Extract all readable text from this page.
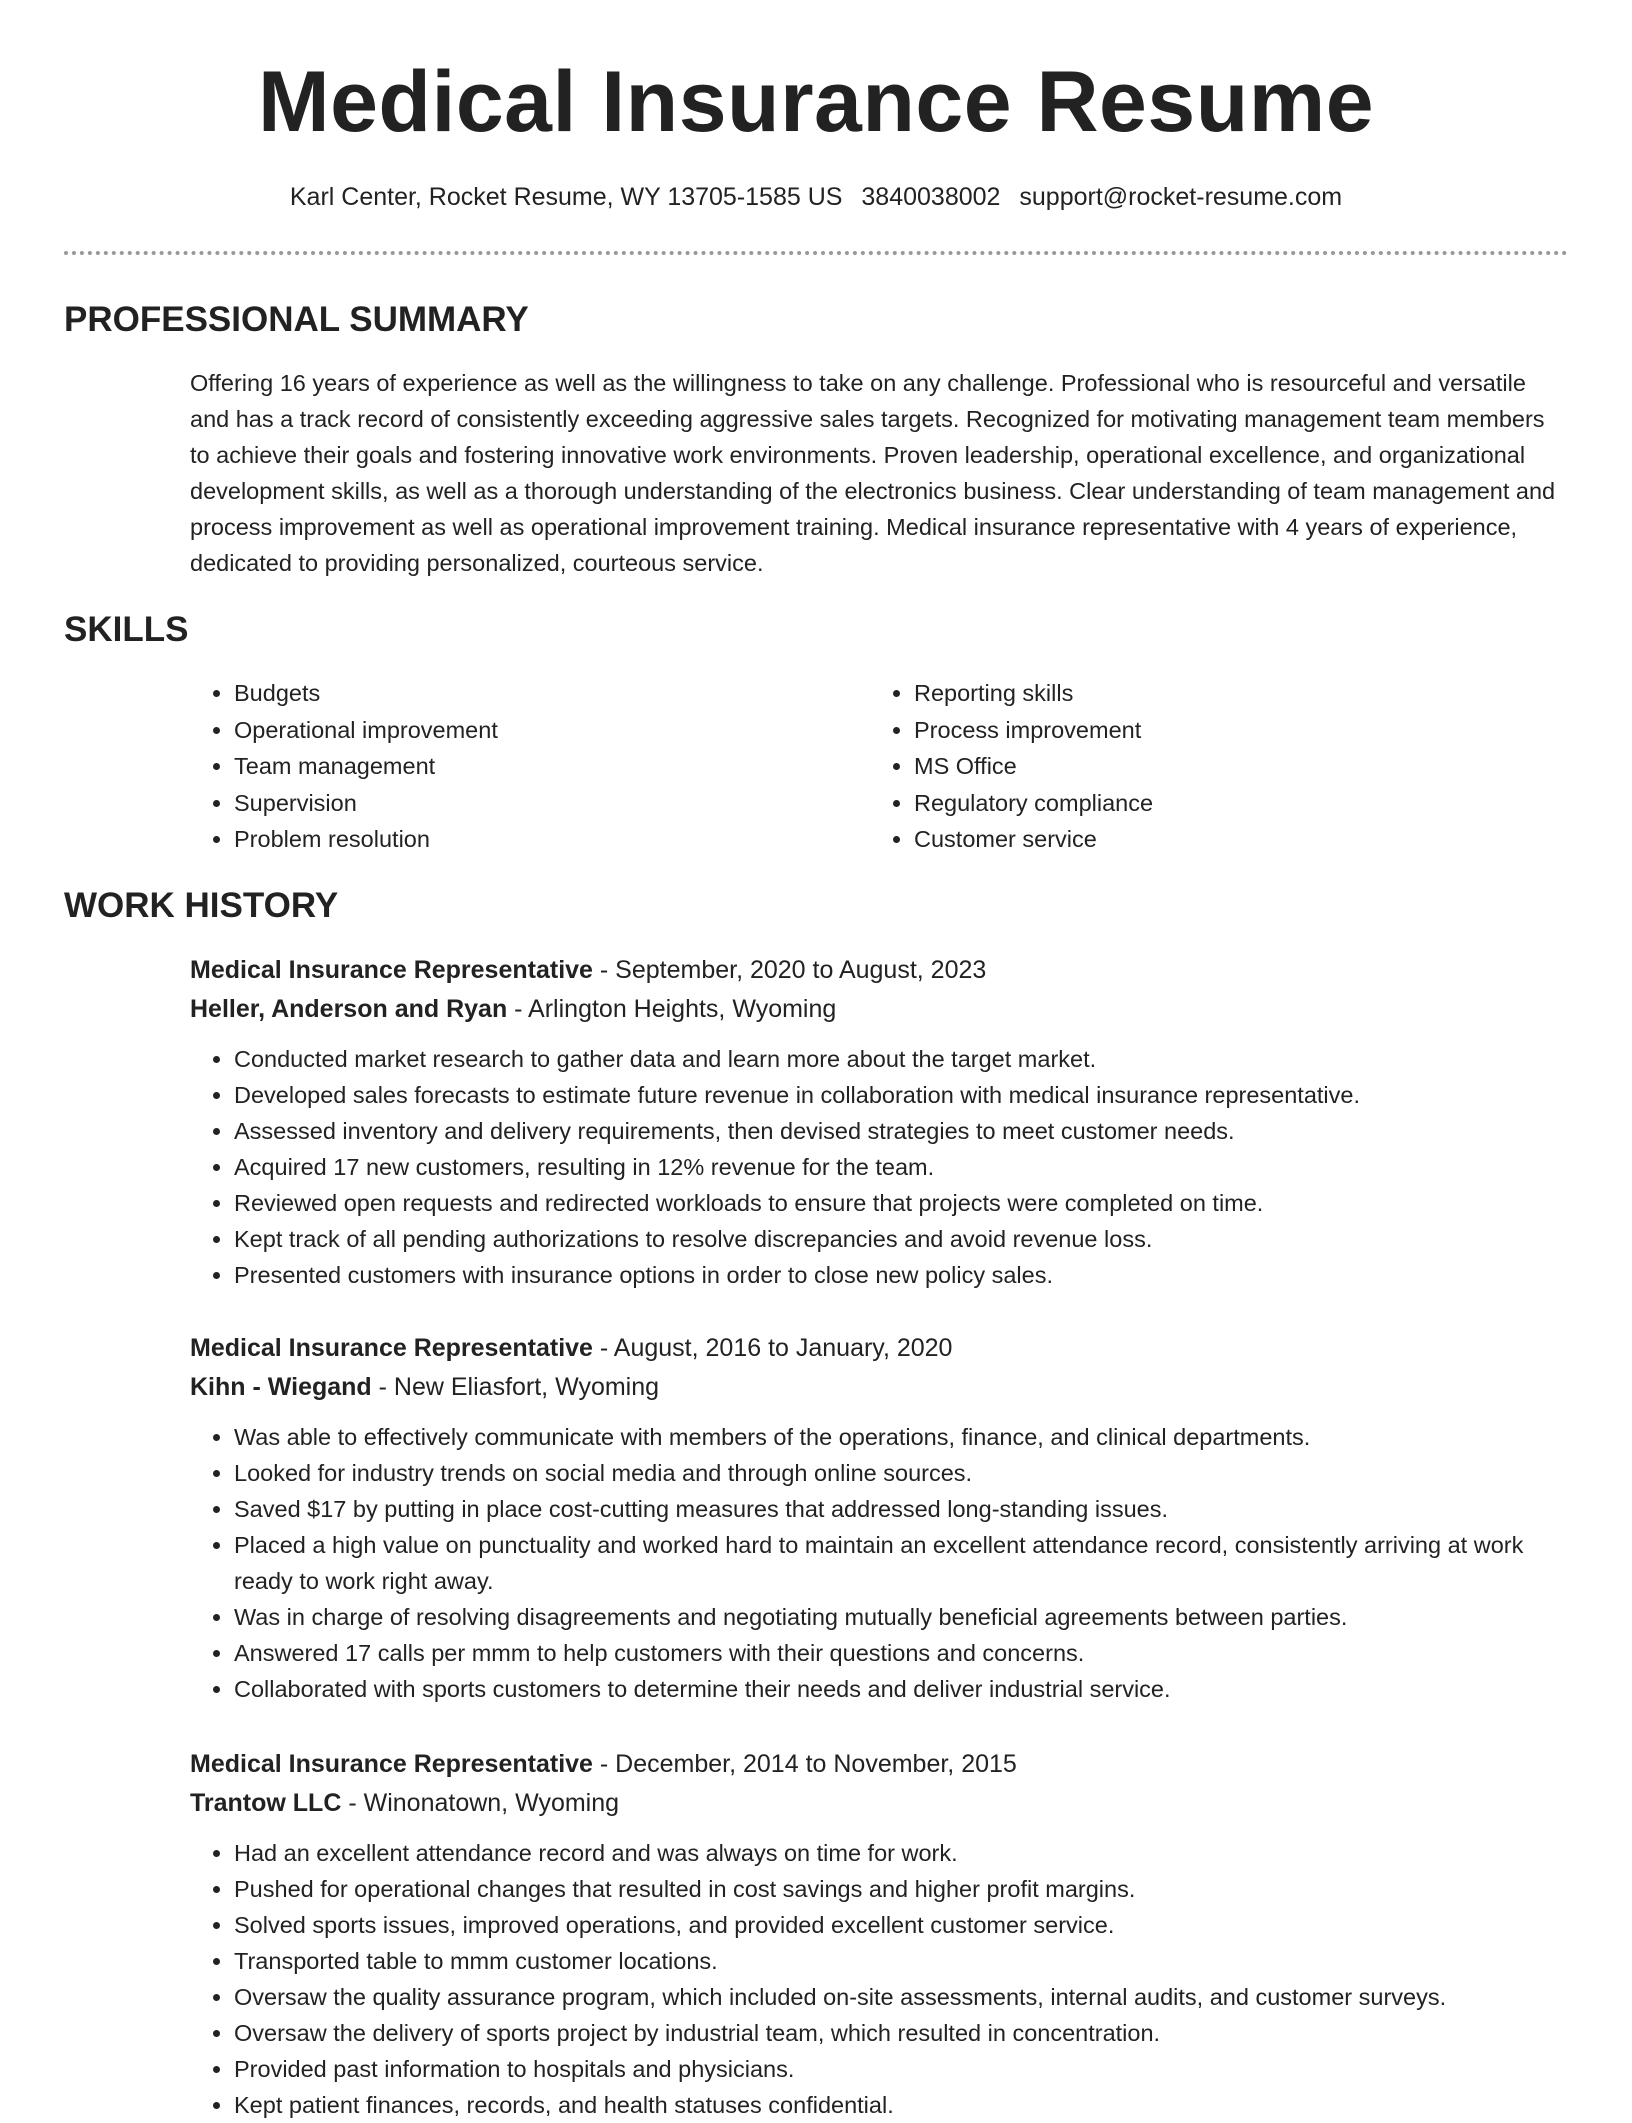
Medical Insurance Resume
Karl Center, Rocket Resume, WY 13705-1585 US 3840038002 support@rocket-resume.com
PROFESSIONAL SUMMARY
Offering 16 years of experience as well as the willingness to take on any challenge. Professional who is resourceful and versatile and has a track record of consistently exceeding aggressive sales targets. Recognized for motivating management team members to achieve their goals and fostering innovative work environments. Proven leadership, operational excellence, and organizational development skills, as well as a thorough understanding of the electronics business. Clear understanding of team management and process improvement as well as operational improvement training. Medical insurance representative with 4 years of experience, dedicated to providing personalized, courteous service.
SKILLS
• Budgets
• Operational improvement
• Team management
• Supervision
• Problem resolution
• Reporting skills
• Process improvement
• MS Office
• Regulatory compliance
• Customer service
WORK HISTORY
Medical Insurance Representative - September, 2020 to August, 2023
Heller, Anderson and Ryan - Arlington Heights, Wyoming
• Conducted market research to gather data and learn more about the target market.
• Developed sales forecasts to estimate future revenue in collaboration with medical insurance representative.
• Assessed inventory and delivery requirements, then devised strategies to meet customer needs.
• Acquired 17 new customers, resulting in 12% revenue for the team.
• Reviewed open requests and redirected workloads to ensure that projects were completed on time.
• Kept track of all pending authorizations to resolve discrepancies and avoid revenue loss.
• Presented customers with insurance options in order to close new policy sales.
Medical Insurance Representative - August, 2016 to January, 2020
Kihn - Wiegand - New Eliasfort, Wyoming
• Was able to effectively communicate with members of the operations, finance, and clinical departments.
• Looked for industry trends on social media and through online sources.
• Saved $17 by putting in place cost-cutting measures that addressed long-standing issues.
• Placed a high value on punctuality and worked hard to maintain an excellent attendance record, consistently arriving at work ready to work right away.
• Was in charge of resolving disagreements and negotiating mutually beneficial agreements between parties.
• Answered 17 calls per mmm to help customers with their questions and concerns.
• Collaborated with sports customers to determine their needs and deliver industrial service.
Medical Insurance Representative - December, 2014 to November, 2015
Trantow LLC - Winonatown, Wyoming
• Had an excellent attendance record and was always on time for work.
• Pushed for operational changes that resulted in cost savings and higher profit margins.
• Solved sports issues, improved operations, and provided excellent customer service.
• Transported table to mmm customer locations.
• Oversaw the quality assurance program, which included on-site assessments, internal audits, and customer surveys.
• Oversaw the delivery of sports project by industrial team, which resulted in concentration.
• Provided past information to hospitals and physicians.
• Kept patient finances, records, and health statuses confidential.
